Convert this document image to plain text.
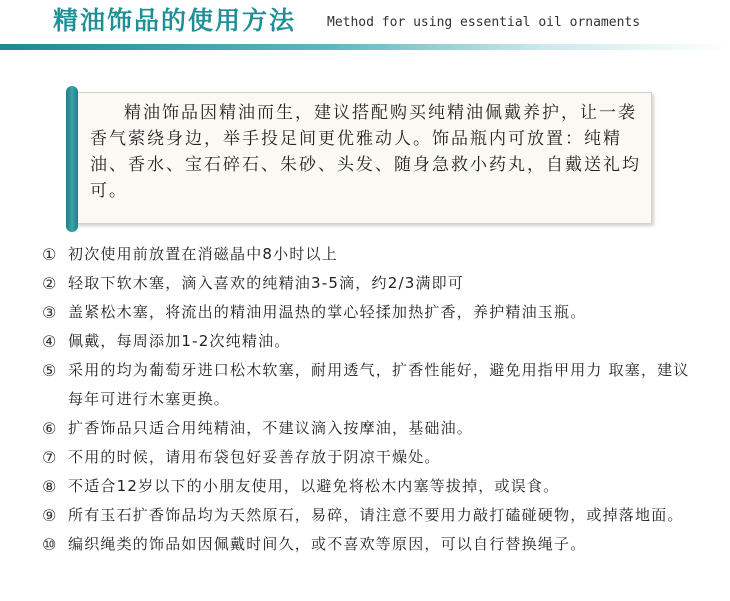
精油饰品的使用方法 Method for using essential oil ornaments

精油饰品因精油而生，建议搭配购买纯精油佩戴养护，让一袭香气萦绕身边，举手投足间更优雅动人。饰品瓶内可放置：纯精油、香水、宝石碎石、朱砂、头发、随身急救小药丸，自戴送礼均可。

① 初次使用前放置在消磁晶中8小时以上
② 轻取下软木塞，滴入喜欢的纯精油3-5滴，约2/3满即可
③ 盖紧松木塞，将流出的精油用温热的掌心轻揉加热扩香，养护精油玉瓶。
④ 佩戴，每周添加1-2次纯精油。
⑤ 采用的均为葡萄牙进口松木软塞，耐用透气，扩香性能好，避免用指甲用力 取塞，建议每年可进行木塞更换。
⑥ 扩香饰品只适合用纯精油，不建议滴入按摩油，基础油。
⑦ 不用的时候，请用布袋包好妥善存放于阴凉干燥处。
⑧ 不适合12岁以下的小朋友使用，以避免将松木内塞等拔掉，或误食。
⑨ 所有玉石扩香饰品均为天然原石，易碎，请注意不要用力敲打磕碰硬物，或掉落地面。
⑩ 编织绳类的饰品如因佩戴时间久，或不喜欢等原因，可以自行替换绳子。
